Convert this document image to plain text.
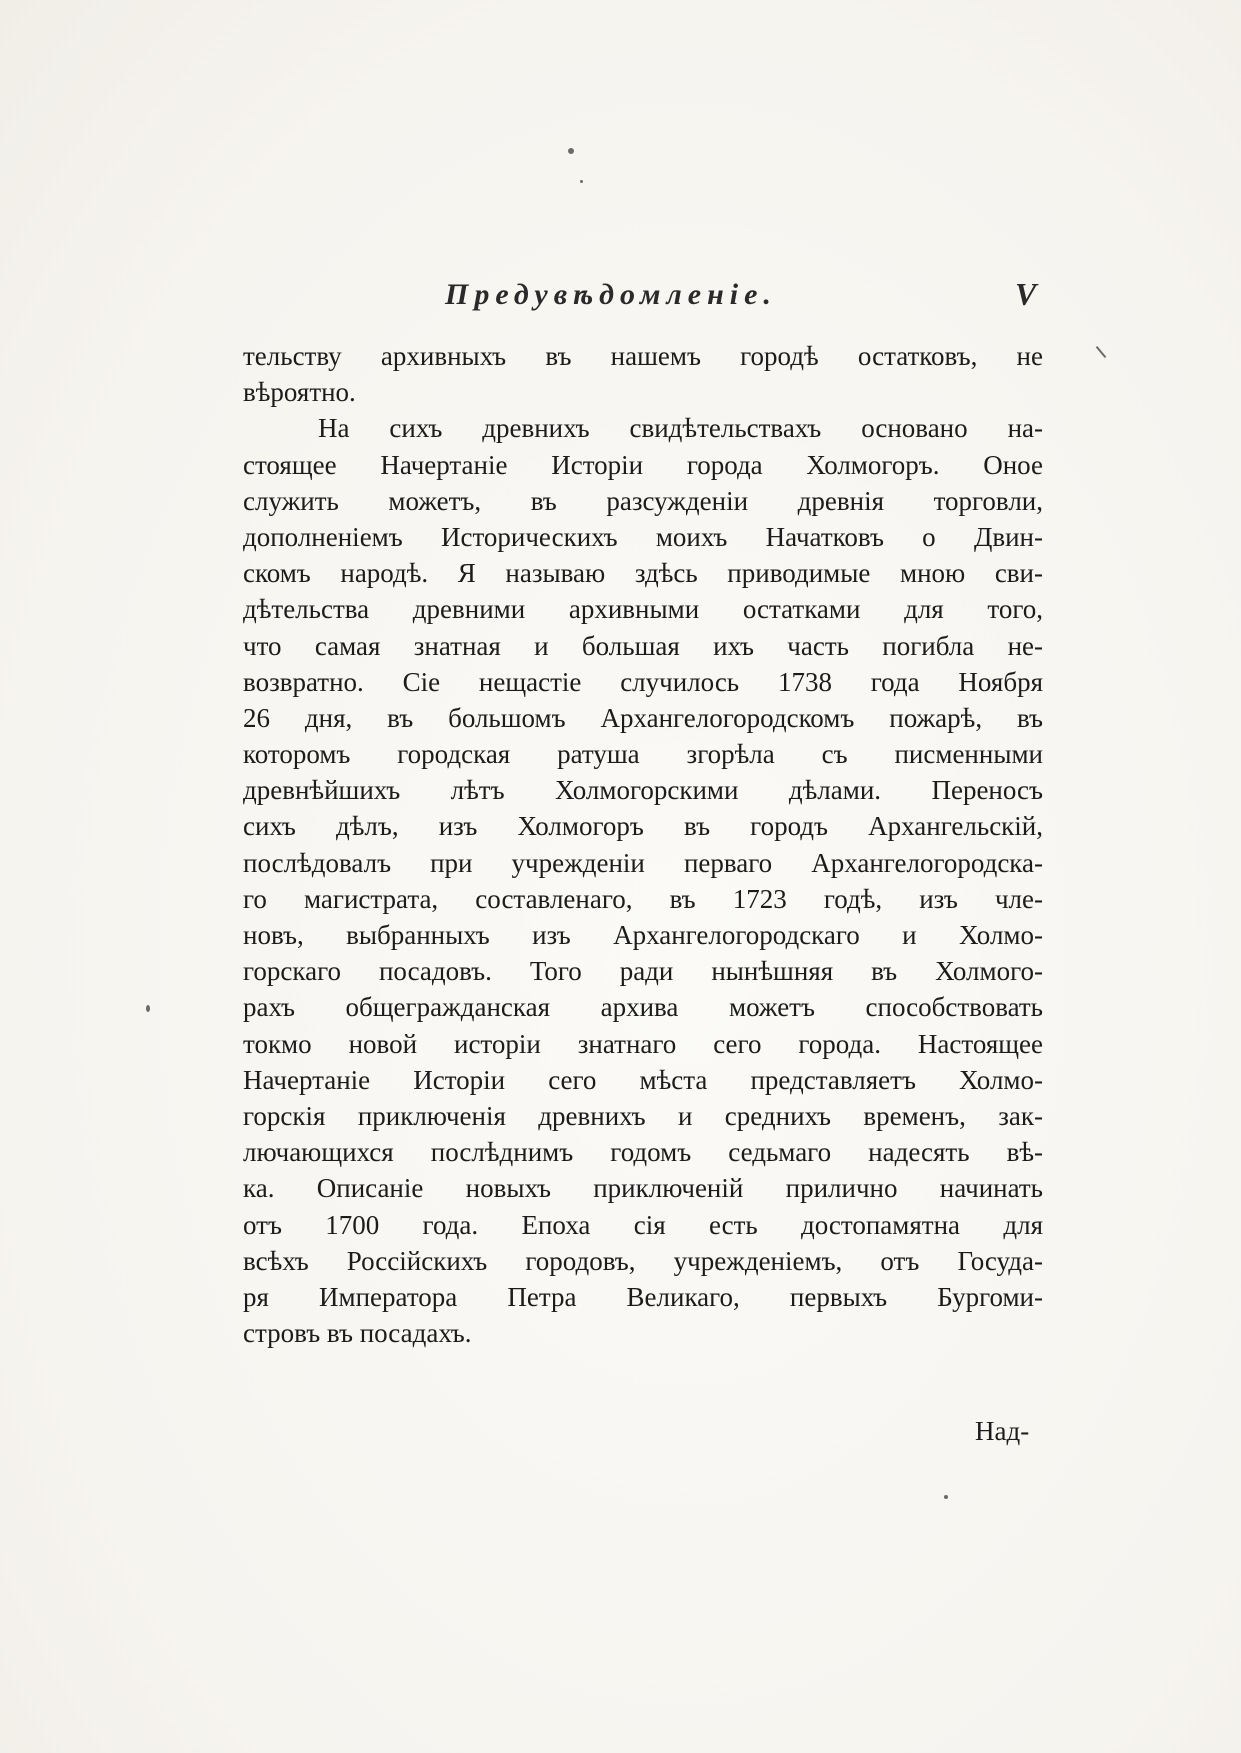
Предувѣдомленіе.	V
тельству архивныхъ въ нашемъ городѣ остатковъ, не
вѣроятно.
На сихъ древнихъ свидѣтельствахъ основано на-
стоящее Начертаніе Исторіи города Холмогоръ. Оное
служить можетъ, въ разсужденіи древнія торговли,
дополненіемъ Историческихъ моихъ Начатковъ о Двин-
скомъ народѣ. Я называю здѣсь приводимые мною сви-
дѣтельства древними архивными остатками для того,
что самая знатная и большая ихъ часть погибла не-
возвратно. Сіе нещастіе случилось 1738 года Ноября
26 дня, въ большомъ Архангелогородскомъ пожарѣ, въ
которомъ городская ратуша згорѣла съ писменными
древнѣйшихъ лѣтъ Холмогорскими дѣлами. Переносъ
сихъ дѣлъ, изъ Холмогоръ въ городъ Архангельскій,
послѣдовалъ при учрежденіи перваго Архангелогородска-
го магистрата, составленаго, въ 1723 годѣ, изъ чле-
новъ, выбранныхъ изъ Архангелогородскаго и Холмо-
горскаго посадовъ. Того ради нынѣшняя въ Холмого-
рахъ общегражданская архива можетъ способствовать
токмо новой исторіи знатнаго сего города. Настоящее
Начертаніе Исторіи сего мѣста представляетъ Холмо-
горскія приключенія древнихъ и среднихъ временъ, зак-
лючающихся послѣднимъ годомъ седьмаго надесять вѣ-
ка. Описаніе новыхъ приключеній прилично начинать
отъ 1700 года. Епоха сія есть достопамятна для
всѣхъ Россійскихъ городовъ, учрежденіемъ, отъ Госуда-
ря Императора Петра Великаго, первыхъ Бургоми-
стровъ въ посадахъ.
Над-
